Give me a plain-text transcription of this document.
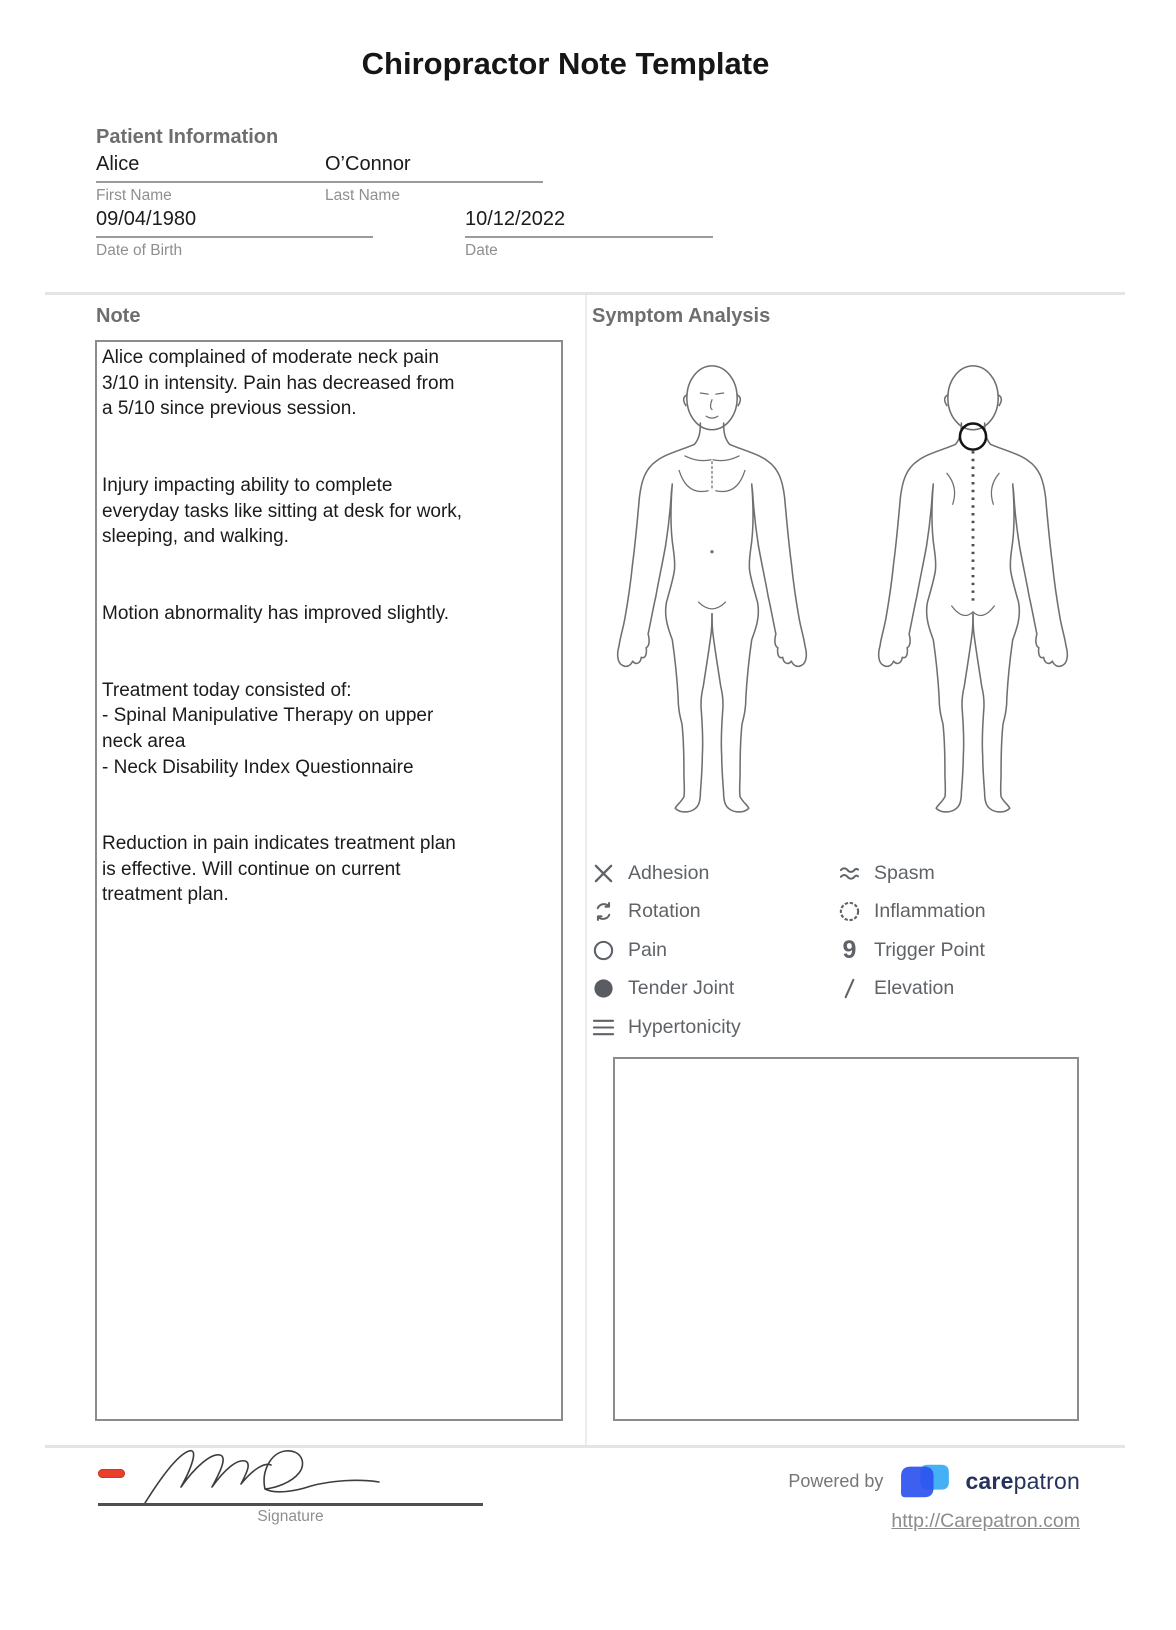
Chiropractor Note Template
Patient Information
Alice	O’Connor
First Name	Last Name
09/04/1980	10/12/2022
Date of Birth	Date
Note
Alice complained of moderate neck pain
3/10 in intensity. Pain has decreased from
a 5/10 since previous session.

Injury impacting ability to complete
everyday tasks like sitting at desk for work,
sleeping, and walking.

Motion abnormality has improved slightly.

Treatment today consisted of:
- Spinal Manipulative Therapy on upper
neck area
- Neck Disability Index Questionnaire

Reduction in pain indicates treatment plan
is effective. Will continue on current
treatment plan.
Symptom Analysis
Adhesion
Rotation
Pain
Tender Joint
Hypertonicity
Spasm
Inflammation
9 Trigger Point
Elevation
Signature
Powered by	carepatron
http://Carepatron.com
